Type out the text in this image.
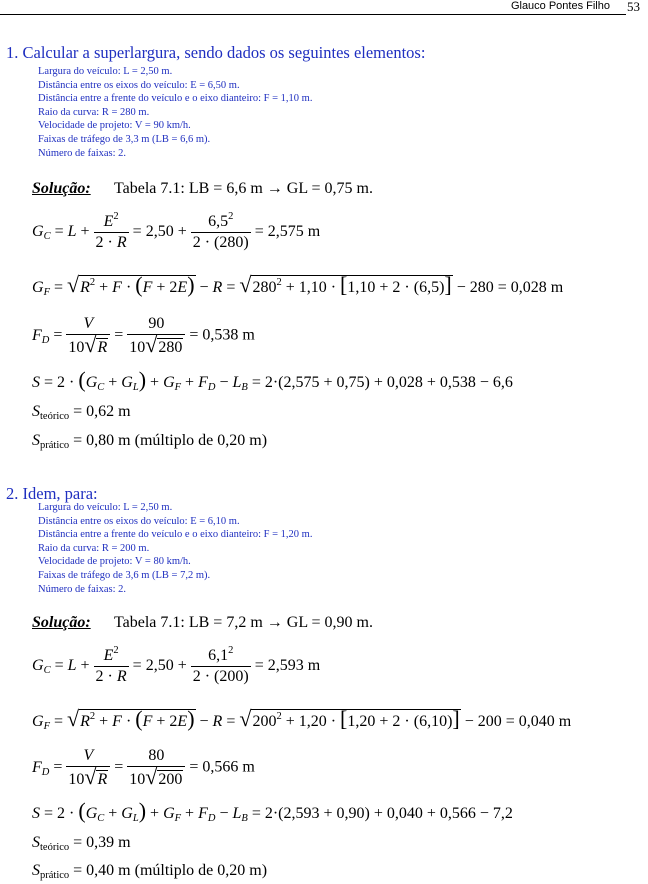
Glauco Pontes Filho 53
1. Calcular a superlargura, sendo dados os seguintes elementos:
Largura do veículo: L = 2,50 m.
Distância entre os eixos do veículo: E = 6,50 m.
Distância entre a frente do veículo e o eixo dianteiro: F = 1,10 m.
Raio da curva: R = 280 m.
Velocidade de projeto: V = 90 km/h.
Faixas de tráfego de 3,3 m (LB = 6,6 m).
Número de faixas: 2.
Solução: Tabela 7.1: LB = 6,6 m → GL = 0,75 m.
$G_C = L + \frac{E^2}{2 \cdot R} = 2,50 + \frac{6,5^2}{2 \cdot (280)} = 2,575$ m
$G_F = √R^2 + F \cdot (F + 2E) - R = √280^2 + 1,10 \cdot [1,10 + 2 \cdot (6,5)] - 280 = 0,028$ m
$F_D = \frac{V}{10√R} = \frac{90}{10√280} = 0,538$ m
$S = 2 \cdot (G_C + G_L) + G_F + F_D - L_B = 2\cdot(2,575 + 0,75) + 0,028 + 0,538 - 6,6$
$S_{teórico} = 0,62$ m
$S_{prático} = 0,80$ m (múltiplo de 0,20 m)
2. Idem, para:
Largura do veículo: L = 2,50 m.
Distância entre os eixos do veículo: E = 6,10 m.
Distância entre a frente do veículo e o eixo dianteiro: F = 1,20 m.
Raio da curva: R = 200 m.
Velocidade de projeto: V = 80 km/h.
Faixas de tráfego de 3,6 m (LB = 7,2 m).
Número de faixas: 2.
Solução: Tabela 7.1: LB = 7,2 m → GL = 0,90 m.
$G_C = L + \frac{E^2}{2 \cdot R} = 2,50 + \frac{6,1^2}{2 \cdot (200)} = 2,593$ m
$G_F = √R^2 + F \cdot (F + 2E) - R = √200^2 + 1,20 \cdot [1,20 + 2 \cdot (6,10)] - 200 = 0,040$ m
$F_D = \frac{V}{10√R} = \frac{80}{10√200} = 0,566$ m
$S = 2 \cdot (G_C + G_L) + G_F + F_D - L_B = 2\cdot(2,593 + 0,90) + 0,040 + 0,566 - 7,2$
$S_{teórico} = 0,39$ m
$S_{prático} = 0,40$ m (múltiplo de 0,20 m)
